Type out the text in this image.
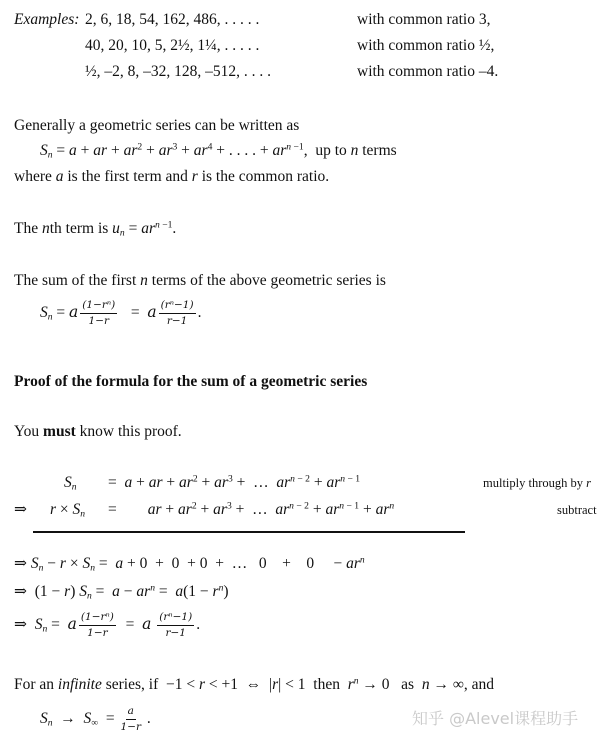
Examples: 2, 6, 18, 54, 162, 486, . . . . .	with common ratio 3,
40, 20, 10, 5, 2½, 1¼, . . . . .	with common ratio ½,
½, –2, 8, –32, 128, –512, . . . .	with common ratio –4.
Generally a geometric series can be written as
$S_n = a$ + ar + $ar^2 + ar^3 + ar^4$ + . . . . + $ar^{n -1}$,  up to n terms
where a is the first term and r is the common ratio.
The nth term is $u_n = ar^{n -1}$.
The sum of the first n terms of the above geometric series is
$S_n = a \frac{\text{(1−rⁿ)}}{1-r} = a \frac{\text{(rⁿ−1)}}{r-1}$ .
Proof of the formula for the sum of a geometric series
You must know this proof.
$S_n = a$ + ar + $ar^2 + ar^3$ +  …  $ar^{n - 2} + ar^{n - 1}$	multiply through by r
⇒ $r \times S_n$ =        ar + $ar^2 + ar^3$ +  …  $ar^{n - 2} + ar^{n - 1} + ar^n$	subtract
⇒ $S_n - r \times S_n = a + 0 + 0 + 0$  +  …   0    +    0     − $ar^n$
⇒  (1 − r) $S_n = a - ar^n = a(1 - r^n)$
⇒  $S_n = a \frac{\text{(1−rⁿ)}}{1-r} = a \frac{\text{(rⁿ−1)}}{r-1}$ .
For an infinite series, if  −1 < r < +1  ⇔  |r| < 1  then $r^n \to 0$   as n → ∞, and
$S_n \to S_\infty = \frac{a}{1-r}$ .	知乎 @Alevel课程助手
